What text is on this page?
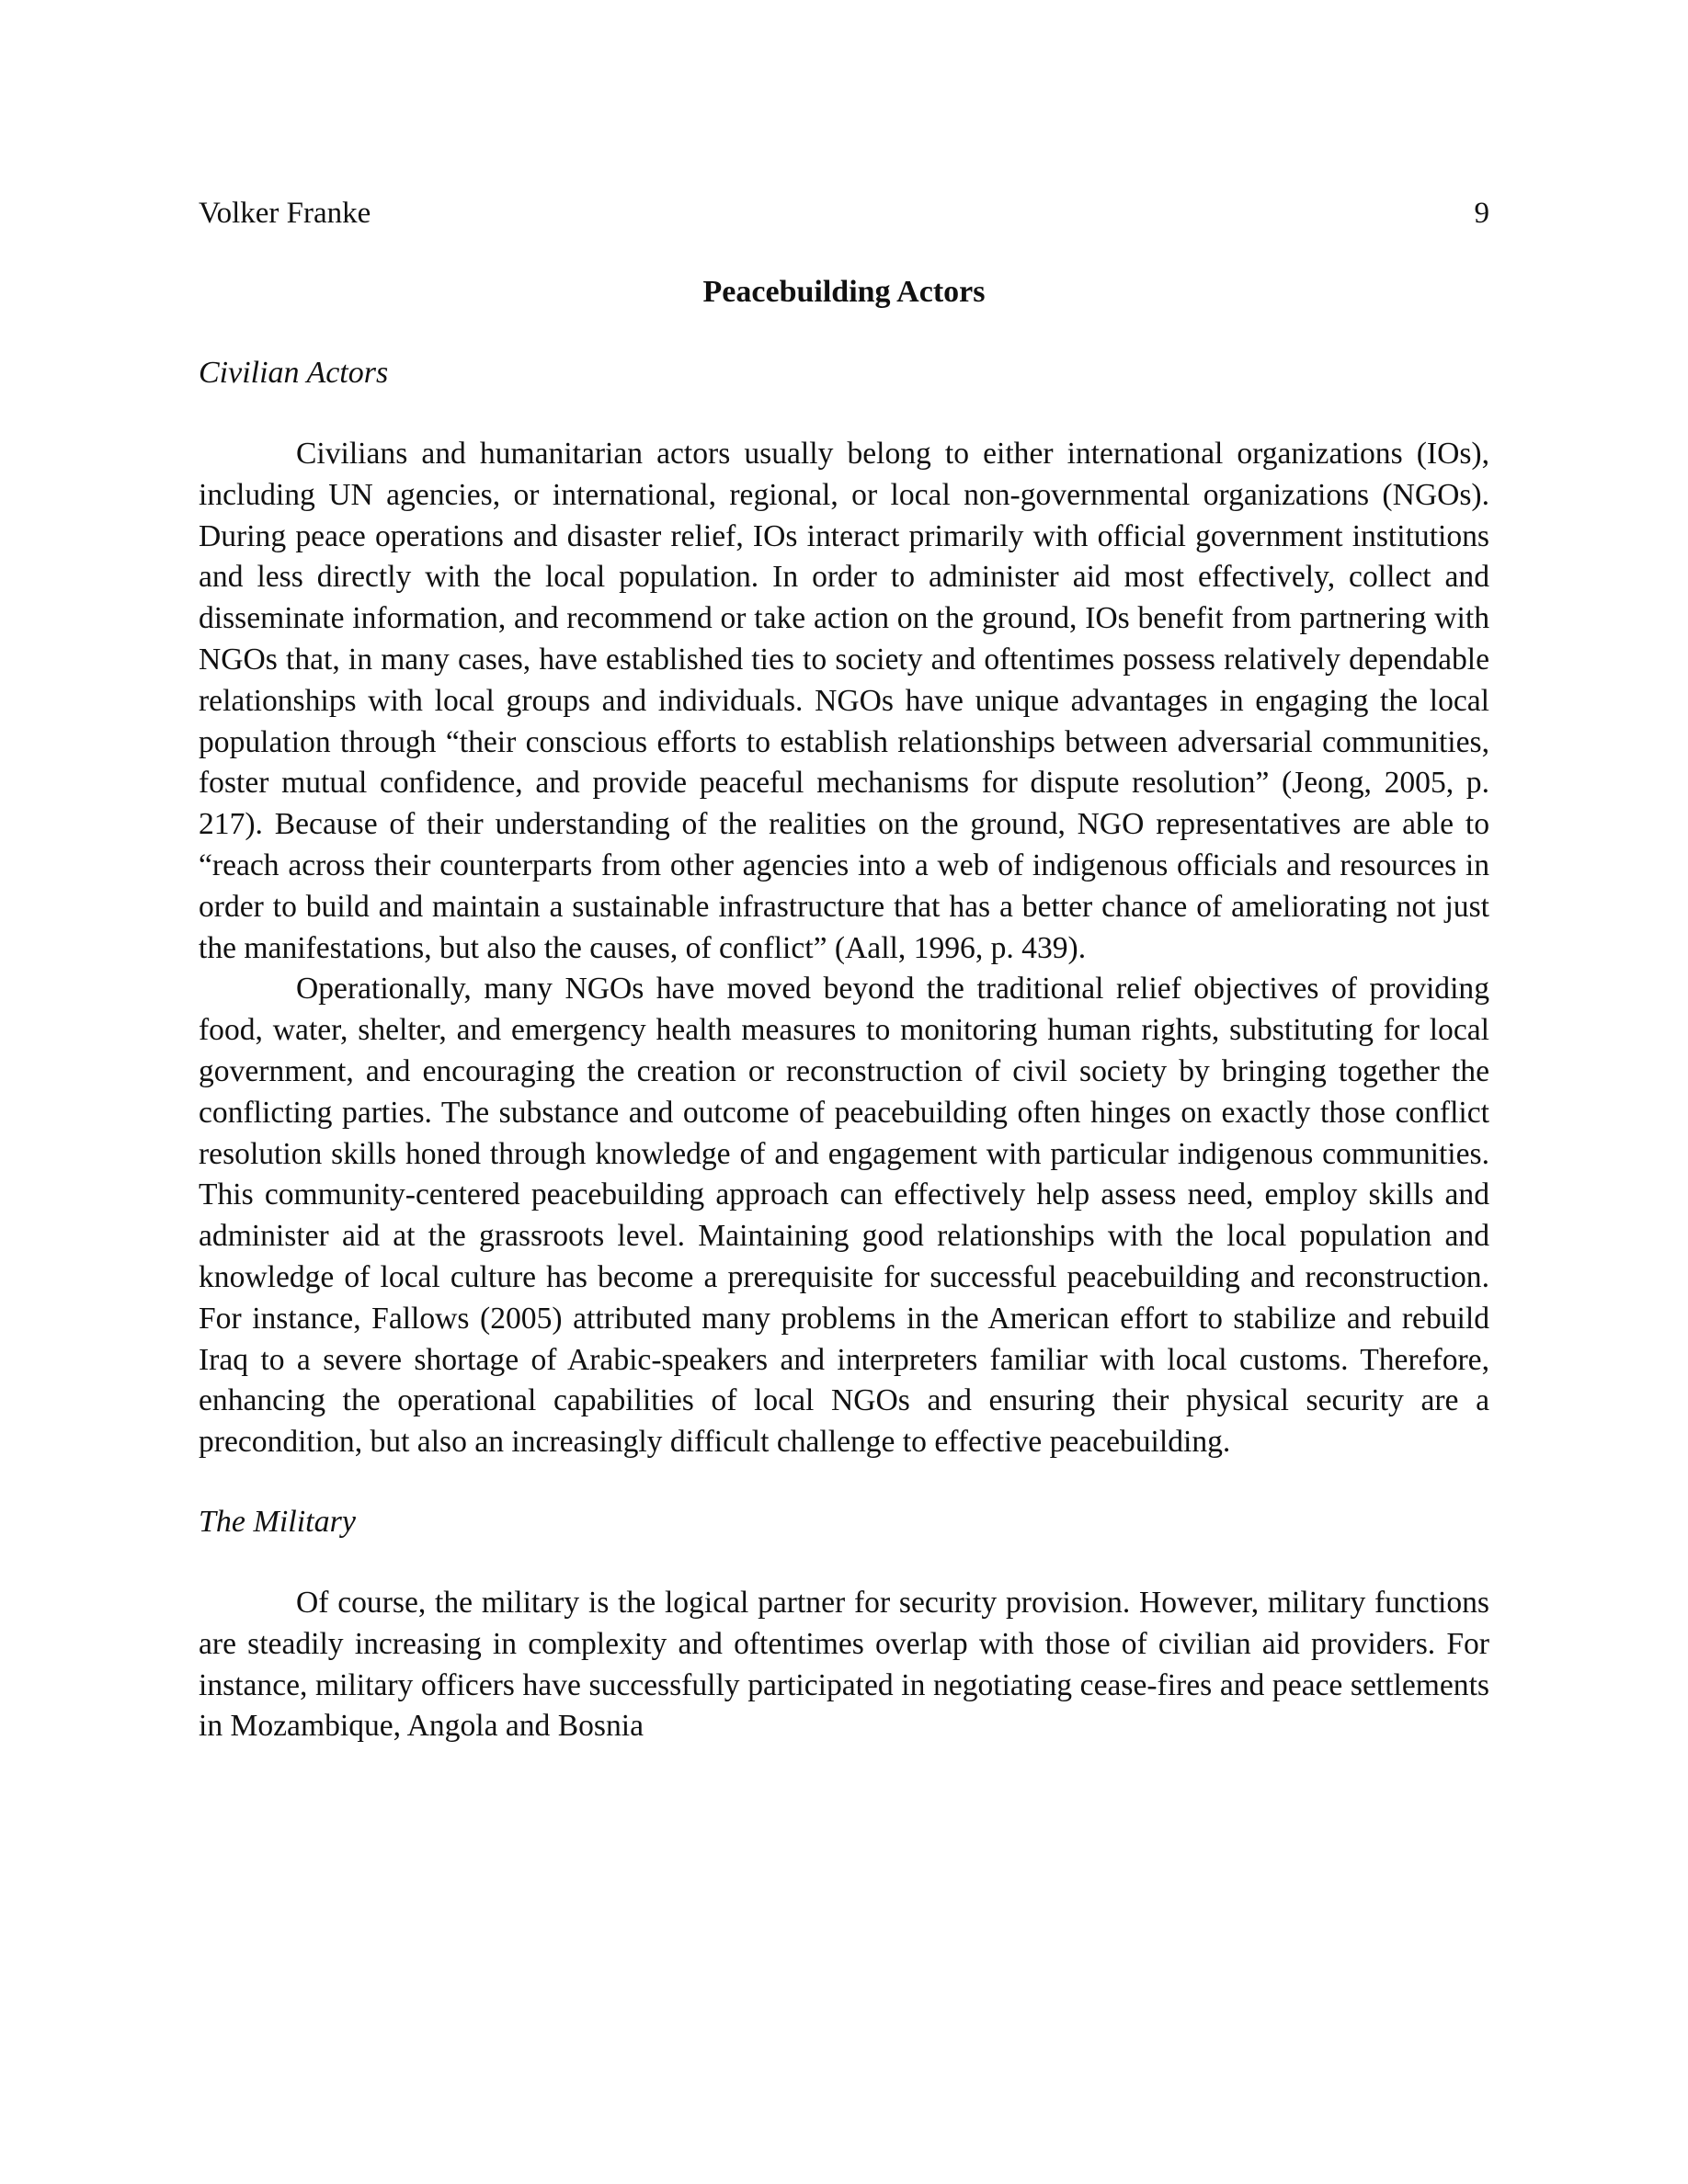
Volker Franke	9
Peacebuilding Actors
Civilian Actors

Civilians and humanitarian actors usually belong to either international organizations (IOs), including UN agencies, or international, regional, or local non-governmental organizations (NGOs). During peace operations and disaster relief, IOs interact primarily with official government institutions and less directly with the local population. In order to administer aid most effectively, collect and disseminate information, and recommend or take action on the ground, IOs benefit from partnering with NGOs that, in many cases, have established ties to society and oftentimes possess relatively dependable relationships with local groups and individuals. NGOs have unique advantages in engaging the local population through “their conscious efforts to establish relationships between adversarial communities, foster mutual confidence, and provide peaceful mechanisms for dispute resolution” (Jeong, 2005, p. 217). Because of their understanding of the realities on the ground, NGO representatives are able to “reach across their counterparts from other agencies into a web of indigenous officials and resources in order to build and maintain a sustainable infrastructure that has a better chance of ameliorating not just the manifestations, but also the causes, of conflict” (Aall, 1996, p. 439).

Operationally, many NGOs have moved beyond the traditional relief objectives of providing food, water, shelter, and emergency health measures to monitoring human rights, substituting for local government, and encouraging the creation or reconstruction of civil society by bringing together the conflicting parties. The substance and outcome of peacebuilding often hinges on exactly those conflict resolution skills honed through knowledge of and engagement with particular indigenous communities. This community-centered peacebuilding approach can effectively help assess need, employ skills and administer aid at the grassroots level. Maintaining good relationships with the local population and knowledge of local culture has become a prerequisite for successful peacebuilding and reconstruction. For instance, Fallows (2005) attributed many problems in the American effort to stabilize and rebuild Iraq to a severe shortage of Arabic-speakers and interpreters familiar with local customs. Therefore, enhancing the operational capabilities of local NGOs and ensuring their physical security are a precondition, but also an increasingly difficult challenge to effective peacebuilding.

The Military

Of course, the military is the logical partner for security provision. However, military functions are steadily increasing in complexity and oftentimes overlap with those of civilian aid providers. For instance, military officers have successfully participated in negotiating cease-fires and peace settlements in Mozambique, Angola and Bosnia
